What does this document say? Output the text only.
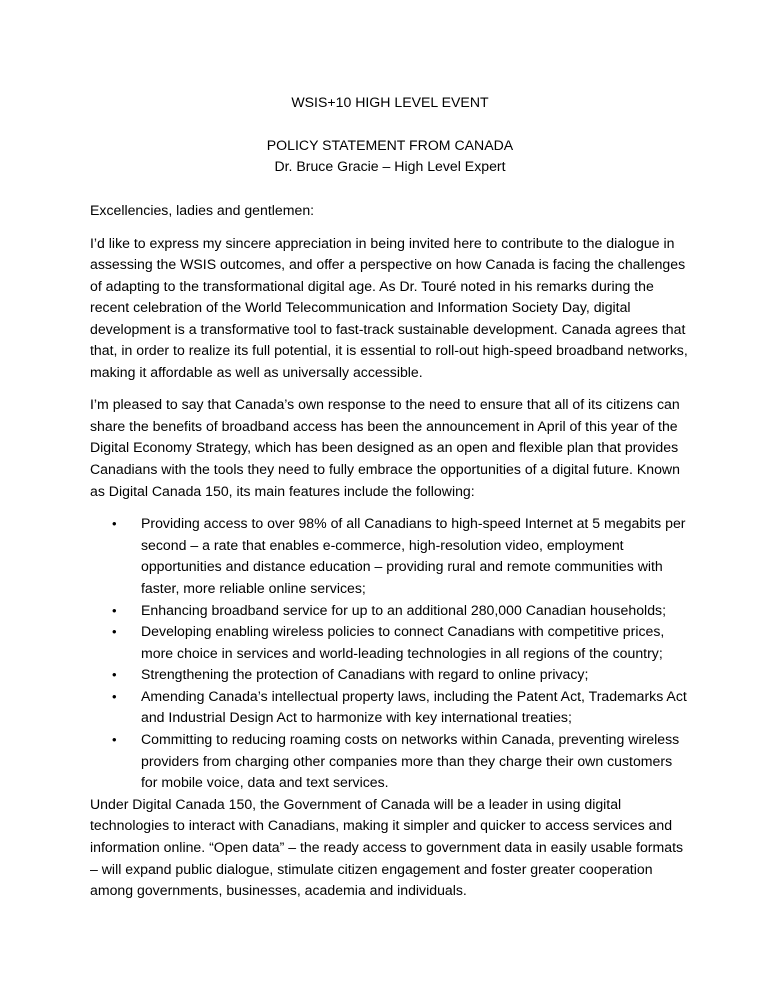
WSIS+10 HIGH LEVEL EVENT
POLICY STATEMENT FROM CANADA
Dr. Bruce Gracie – High Level Expert

Excellencies, ladies and gentlemen:

I’d like to express my sincere appreciation in being invited here to contribute to the dialogue in assessing the WSIS outcomes, and offer a perspective on how Canada is facing the challenges of adapting to the transformational digital age. As Dr. Touré noted in his remarks during the recent celebration of the World Telecommunication and Information Society Day, digital development is a transformative tool to fast-track sustainable development. Canada agrees that that, in order to realize its full potential, it is essential to roll-out high-speed broadband networks, making it affordable as well as universally accessible.

I’m pleased to say that Canada’s own response to the need to ensure that all of its citizens can share the benefits of broadband access has been the announcement in April of this year of the Digital Economy Strategy, which has been designed as an open and flexible plan that provides Canadians with the tools they need to fully embrace the opportunities of a digital future. Known as Digital Canada 150, its main features include the following:

• Providing access to over 98% of all Canadians to high-speed Internet at 5 megabits per second – a rate that enables e-commerce, high-resolution video, employment opportunities and distance education – providing rural and remote communities with faster, more reliable online services;
• Enhancing broadband service for up to an additional 280,000 Canadian households;
• Developing enabling wireless policies to connect Canadians with competitive prices, more choice in services and world-leading technologies in all regions of the country;
• Strengthening the protection of Canadians with regard to online privacy;
• Amending Canada’s intellectual property laws, including the Patent Act, Trademarks Act and Industrial Design Act to harmonize with key international treaties;
• Committing to reducing roaming costs on networks within Canada, preventing wireless providers from charging other companies more than they charge their own customers for mobile voice, data and text services.

Under Digital Canada 150, the Government of Canada will be a leader in using digital technologies to interact with Canadians, making it simpler and quicker to access services and information online. “Open data” – the ready access to government data in easily usable formats – will expand public dialogue, stimulate citizen engagement and foster greater cooperation among governments, businesses, academia and individuals.
